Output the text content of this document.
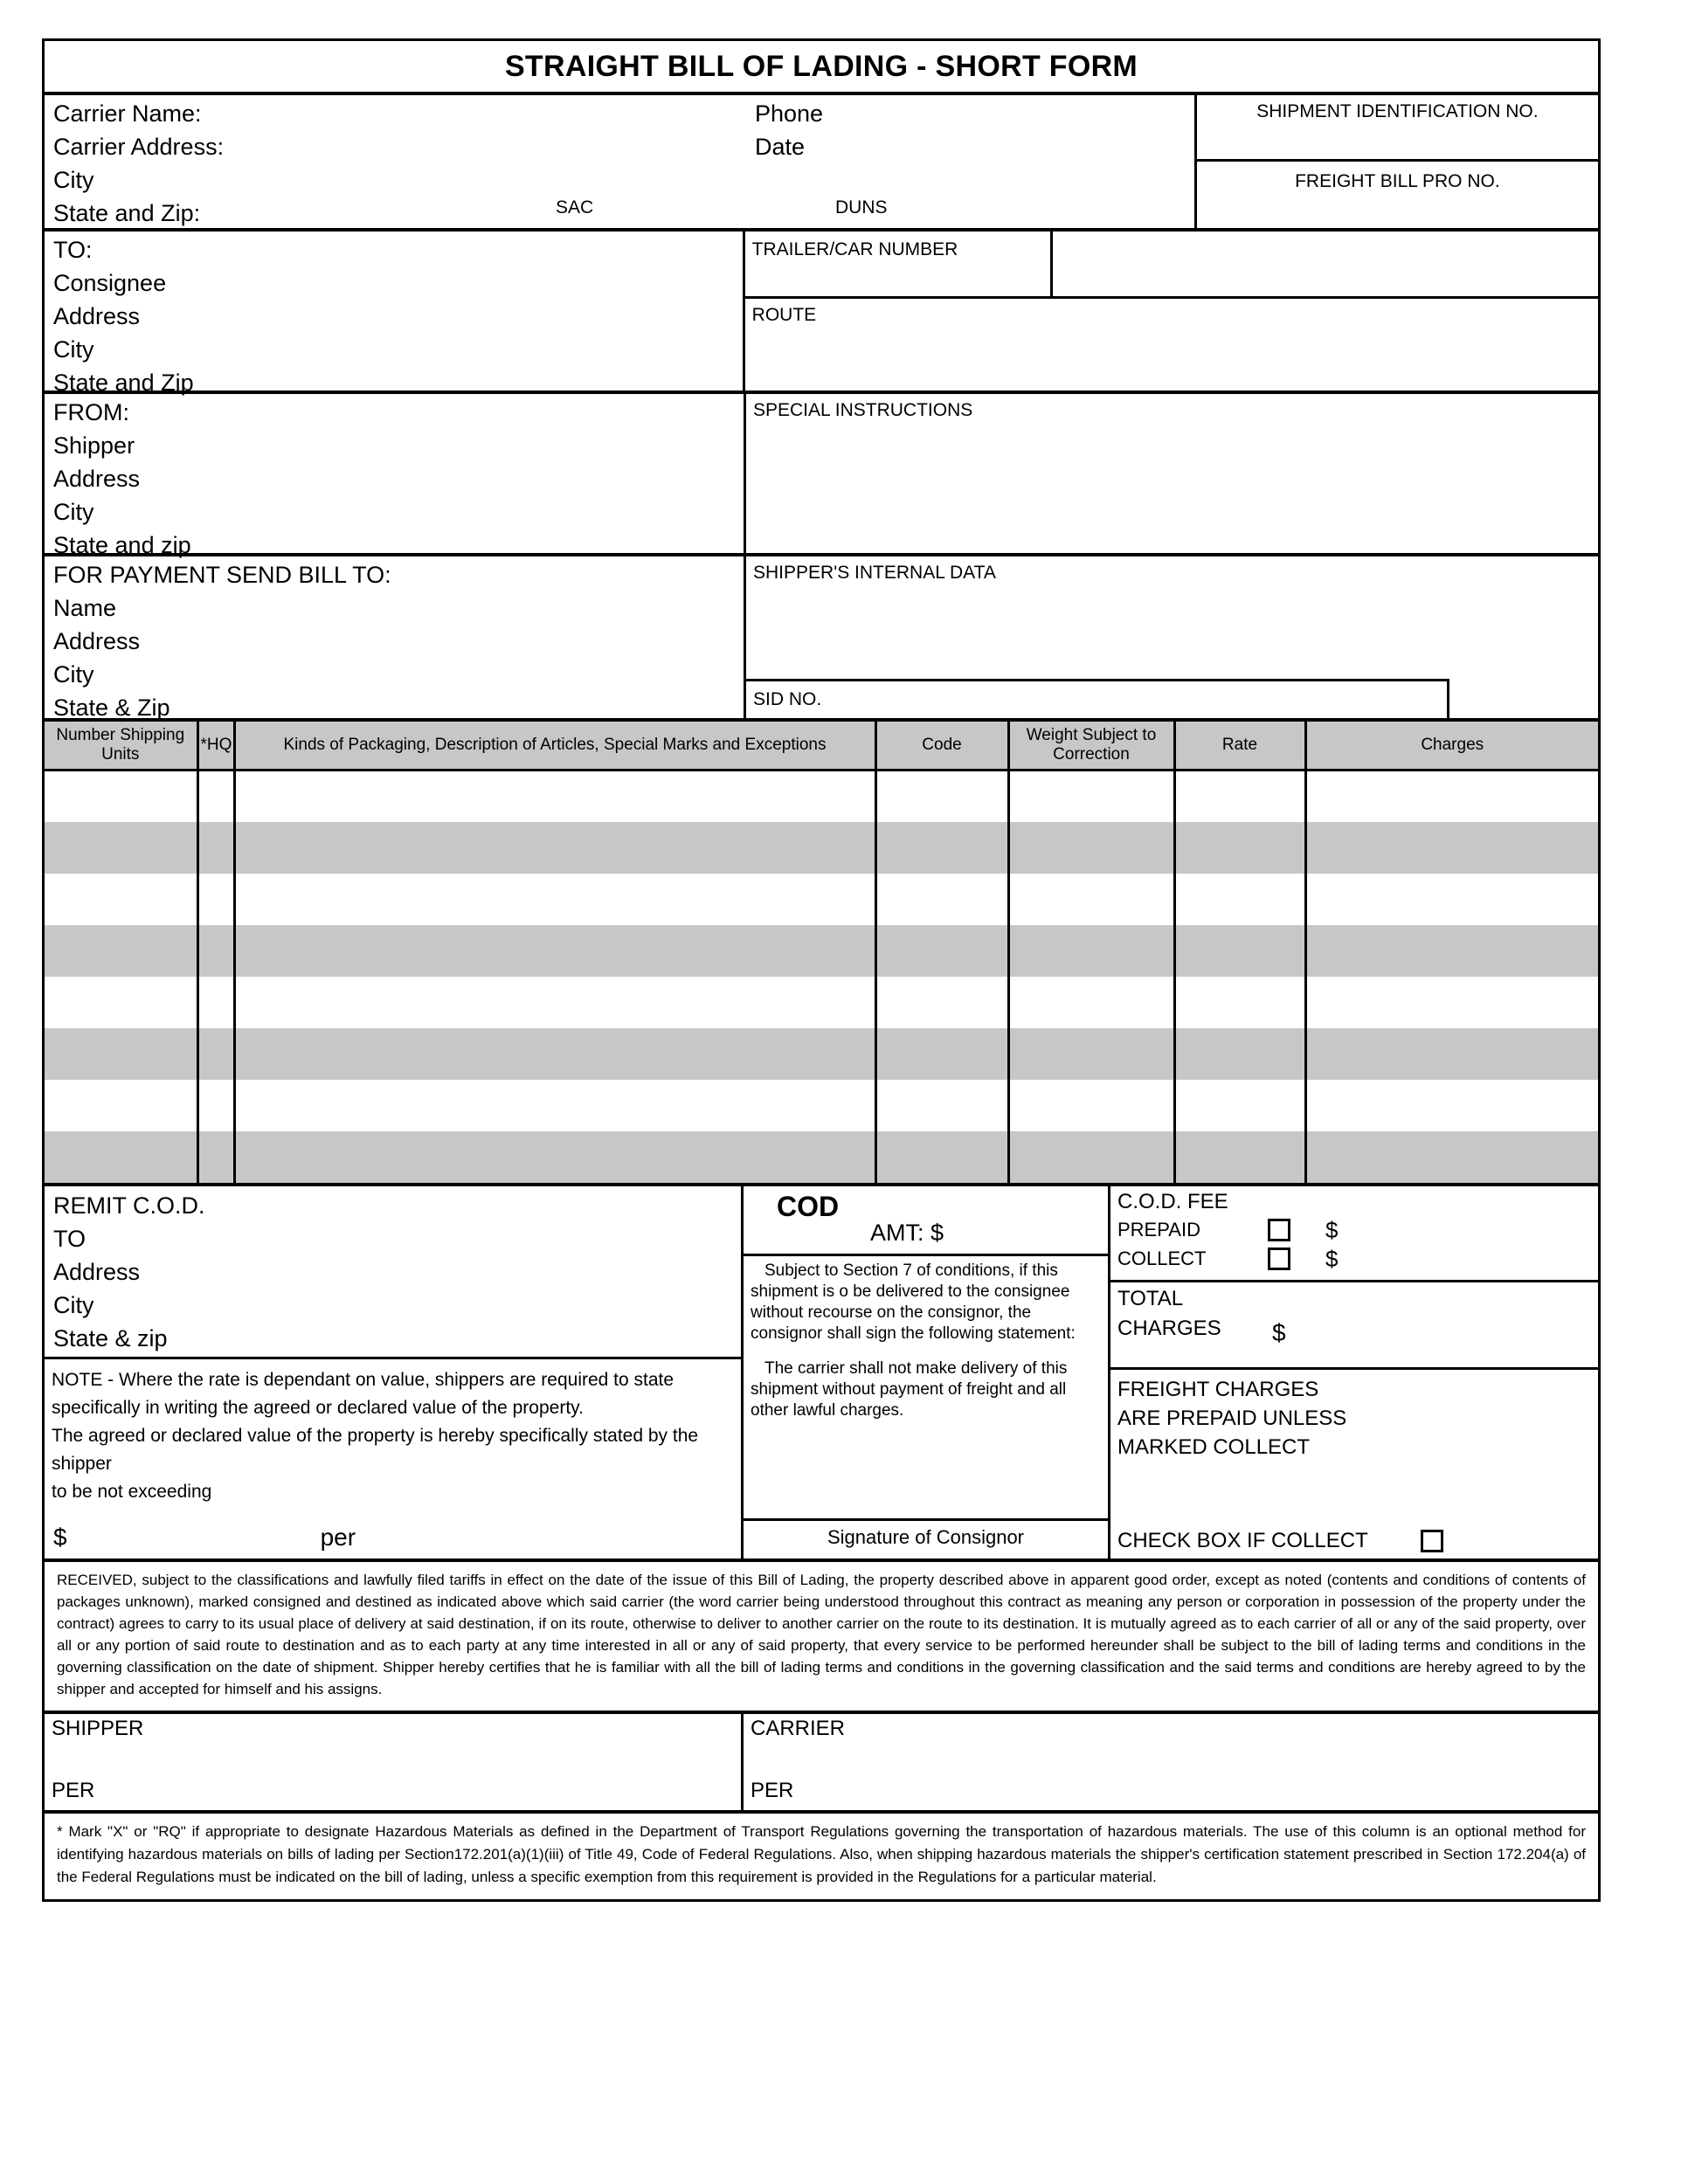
STRAIGHT BILL OF LADING - SHORT FORM
Carrier Name:
Carrier Address:
City
State and Zip:	SAC	DUNS
Phone
Date
SHIPMENT IDENTIFICATION NO.
FREIGHT BILL PRO NO.
TO:
Consignee
Address
City
State and Zip
TRAILER/CAR NUMBER
ROUTE
FROM:
Shipper
Address
City
State and zip
SPECIAL INSTRUCTIONS
FOR PAYMENT SEND BILL TO:
Name
Address
City
State & Zip
SHIPPER'S INTERNAL DATA
SID NO.
Number Shipping Units	*HQ	Kinds of Packaging, Description of Articles, Special Marks and Exceptions	Code	Weight Subject to Correction	Rate	Charges

REMIT C.O.D.
TO
Address
City
State & zip

NOTE - Where the rate is dependant on value, shippers are required to state

specifically in writing the agreed or declared value of the property.

The agreed or declared value of the property is hereby specifically stated by the shipper

to be not exceeding

$	per
COD
AMT: $

Subject to Section 7 of conditions, if this shipment is o be delivered to the consignee without recourse on the consignor, the consignor shall sign the following statement:

The carrier shall not make delivery of this shipment without payment of freight and all other lawful charges.

Signature of Consignor
C.O.D. FEE
PREPAID	$
COLLECT	$
TOTAL
CHARGES	$
FREIGHT CHARGES
ARE PREPAID UNLESS
MARKED COLLECT
CHECK BOX IF COLLECT

RECEIVED, subject to the classifications and lawfully filed tariffs in effect on the date of the issue of this Bill of Lading, the property described above in apparent good order, except as noted (contents and conditions of contents of packages unknown), marked consigned and destined as indicated above which said carrier (the word carrier being understood throughout this contract as meaning any person or corporation in possession of the property under the contract) agrees to carry to its usual place of delivery at said destination, if on its route, otherwise to deliver to another carrier on the route to its destination. It is mutually agreed as to each carrier of all or any of the said property, over all or any portion of said route to destination and as to each party at any time interested in all or any of said property, that every service to be performed hereunder shall be subject to the bill of lading terms and conditions in the governing classification on the date of shipment. Shipper hereby certifies that he is familiar with all the bill of lading terms and conditions in the governing classification and the said terms and conditions are hereby agreed to by the shipper and accepted for himself and his assigns.

SHIPPER
PER
CARRIER
PER

* Mark "X" or "RQ" if appropriate to designate Hazardous Materials as defined in the Department of Transport Regulations governing the transportation of hazardous materials. The use of this column is an optional method for identifying hazardous materials on bills of lading per Section172.201(a)(1)(iii) of Title 49, Code of Federal Regulations. Also, when shipping hazardous materials the shipper's certification statement prescribed in Section 172.204(a) of the Federal Regulations must be indicated on the bill of lading, unless a specific exemption from this requirement is provided in the Regulations for a particular material.
